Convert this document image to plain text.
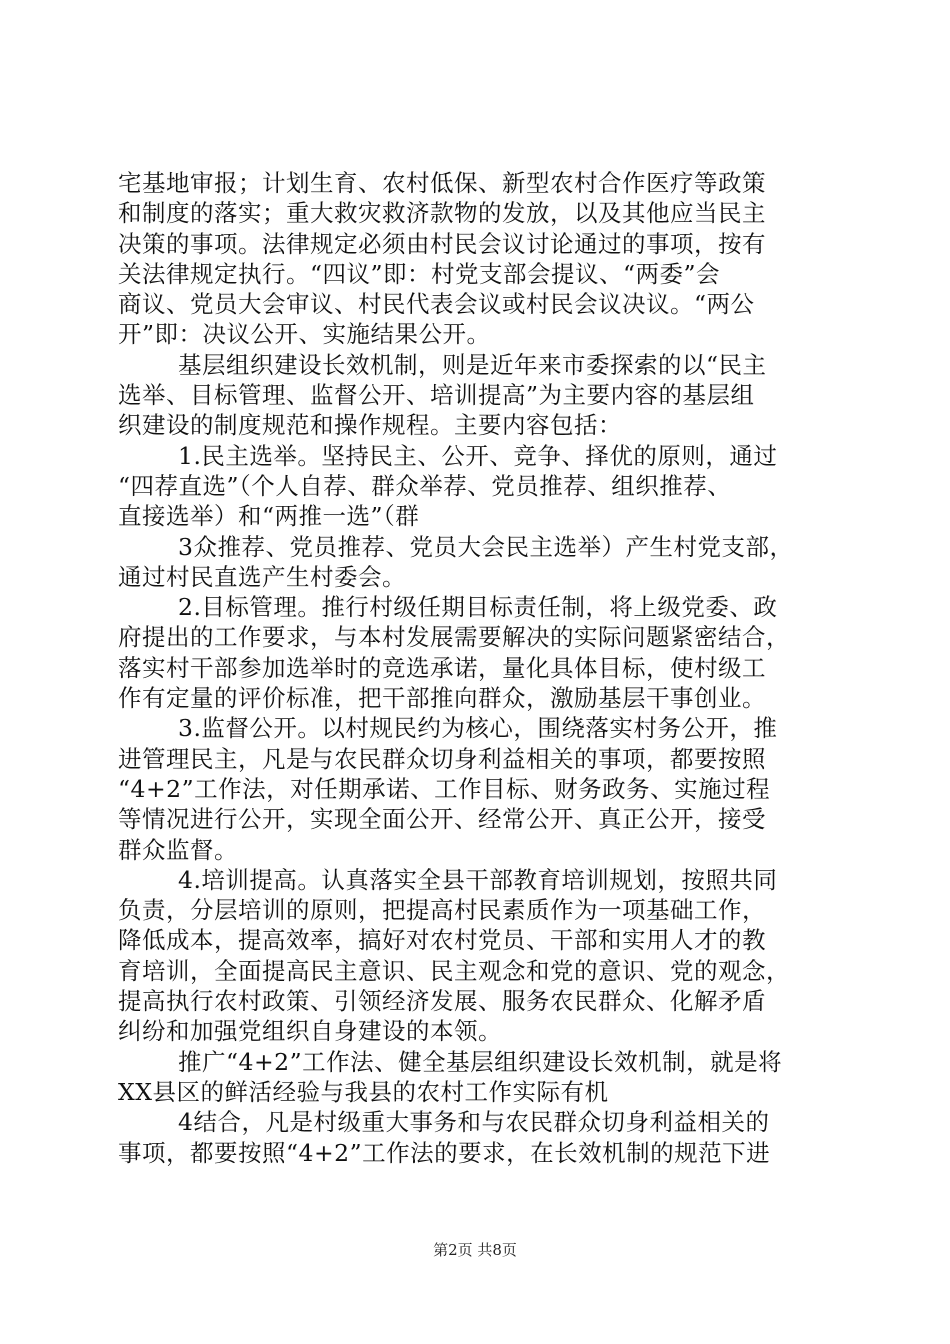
宅基地审报；计划生育、农村低保、新型农村合作医疗等政策
和制度的落实；重大救灾救济款物的发放，以及其他应当民主
决策的事项。法律规定必须由村民会议讨论通过的事项，按有
关法律规定执行。“四议”即：村党支部会提议、“两委”会
商议、党员大会审议、村民代表会议或村民会议决议。“两公
开”即：决议公开、实施结果公开。
基层组织建设长效机制，则是近年来市委探索的以“民主
选举、目标管理、监督公开、培训提高”为主要内容的基层组
织建设的制度规范和操作规程。主要内容包括：
1.民主选举。坚持民主、公开、竞争、择优的原则，通过
“四荐直选”（个人自荐、群众举荐、党员推荐、组织推荐、
直接选举）和“两推一选”（群
3众推荐、党员推荐、党员大会民主选举）产生村党支部，
通过村民直选产生村委会。
2.目标管理。推行村级任期目标责任制，将上级党委、政
府提出的工作要求，与本村发展需要解决的实际问题紧密结合，
落实村干部参加选举时的竞选承诺，量化具体目标，使村级工
作有定量的评价标准，把干部推向群众，激励基层干事创业。
3.监督公开。以村规民约为核心，围绕落实村务公开，推
进管理民主，凡是与农民群众切身利益相关的事项，都要按照
“4+2”工作法，对任期承诺、工作目标、财务政务、实施过程
等情况进行公开，实现全面公开、经常公开、真正公开，接受
群众监督。
4.培训提高。认真落实全县干部教育培训规划，按照共同
负责，分层培训的原则，把提高村民素质作为一项基础工作，
降低成本，提高效率，搞好对农村党员、干部和实用人才的教
育培训，全面提高民主意识、民主观念和党的意识、党的观念，
提高执行农村政策、引领经济发展、服务农民群众、化解矛盾
纠纷和加强党组织自身建设的本领。
推广“4+2”工作法、健全基层组织建设长效机制，就是将
XX县区的鲜活经验与我县的农村工作实际有机
4结合，凡是村级重大事务和与农民群众切身利益相关的
事项，都要按照“4+2”工作法的要求，在长效机制的规范下进
第2页 共8页
